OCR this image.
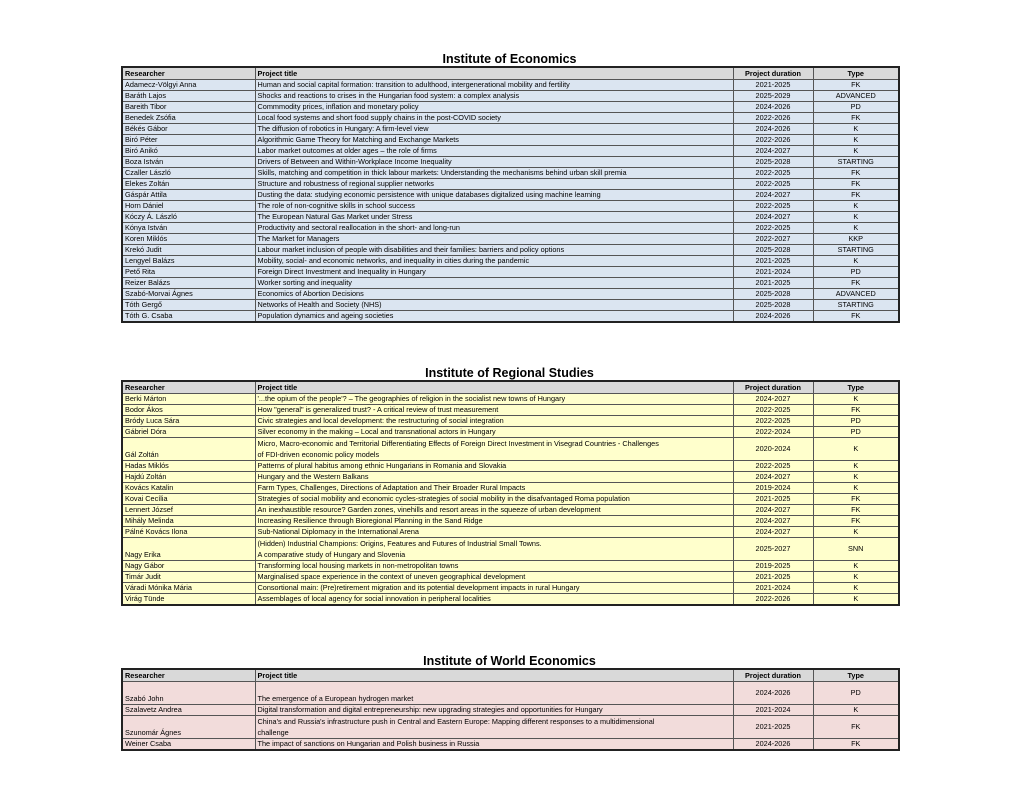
Institute of Economics
Researcher	Project title	Project duration	Type
Adamecz-Völgyi Anna	Human and social capital formation: transition to adulthood, intergenerational mobility and fertility	2021-2025	FK
Baráth Lajos	Shocks and reactions to crises in the Hungarian food system: a complex analysis	2025-2029	ADVANCED
Bareith Tibor	Commmodity prices, inflation and monetary policy	2024-2026	PD
Benedek Zsófia	Local food systems and short food supply chains in the post-COVID society	2022-2026	FK
Békés Gábor	The diffusion of robotics in Hungary: A firm-level view	2024-2026	K
Biró Péter	Algorithmic Game Theory for Matching and Exchange Markets	2022-2026	K
Biró Anikó	Labor market outcomes at older ages – the role of firms	2024-2027	K
Boza István	Drivers of Between and Within-Workplace Income Inequality	2025-2028	STARTING
Czaller László	Skills, matching and competition in thick labour markets: Understanding the mechanisms behind urban skill premia	2022-2025	FK
Elekes Zoltán	Structure and robustness of regional supplier networks	2022-2025	FK
Gáspár Attila	Dusting the data: studying economic persistence with unique databases digitalized using machine learning	2024-2027	FK
Horn Dániel	The role of non-cognitive skills in school success	2022-2025	K
Kóczy Á. László	The European Natural Gas Market under Stress	2024-2027	K
Kónya István	Productivity and sectoral reallocation in the short- and long-run	2022-2025	K
Koren Miklós	The Market for Managers	2022-2027	KKP
Krekó Judit	Labour market inclusion of people with disabilities and their families: barriers and policy options	2025-2028	STARTING
Lengyel Balázs	Mobility, social- and economic networks, and inequality in cities during the pandemic	2021-2025	K
Pető Rita	Foreign Direct Investment and Inequality in Hungary	2021-2024	PD
Reizer Balázs	Worker sorting and inequality	2021-2025	FK
Szabó-Morvai Ágnes	Economics of Abortion Decisions	2025-2028	ADVANCED
Tóth Gergő	Networks of Health and Society (NHS)	2025-2028	STARTING
Tóth G. Csaba	Population dynamics and ageing societies	2024-2026	FK
Institute of Regional Studies
Researcher	Project title	Project duration	Type
Berki Márton	'...the opium of the people'? – The geographies of religion in the socialist new towns of Hungary	2024-2027	K
Bodor Ákos	How "general" is generalized trust? - A critical review of trust measurement	2022-2025	FK
Bródy Luca Sára	Civic strategies and local development: the restructuring of social integration	2022-2025	PD
Gábriel Dóra	Silver economy in the making – Local and transnational actors in Hungary	2022-2024	PD
Gál Zoltán	Micro, Macro-economic and Territorial Differentiating Effects of Foreign Direct Investment in Visegrad Countries - Challenges
of FDI-driven economic policy models	2020-2024	K
Hadas Miklós	Patterns of plural habitus among ethnic Hungarians in Romania and Slovakia	2022-2025	K
Hajdú Zoltán	Hungary and the Western Balkans	2024-2027	K
Kovács Katalin	Farm Types, Challenges, Directions of Adaptation and Their Broader Rural Impacts	2019-2024	K
Kovai Cecília	Strategies of social mobility and economic cycles-strategies of social mobility in the disafvantaged Roma population	2021-2025	FK
Lennert József	An inexhaustible resource? Garden zones, vinehills and resort areas in the squeeze of urban development	2024-2027	FK
Mihály Melinda	Increasing Resilience through Bioregional Planning in the Sand Ridge	2024-2027	FK
Pálné Kovács Ilona	Sub-National Diplomacy in the International Arena	2024-2027	K
Nagy Erika	(Hidden) Industrial Champions: Origins, Features and Futures of Industrial Small Towns.
A comparative study of Hungary and Slovenia	2025-2027	SNN
Nagy Gábor	Transforming local housing markets in non-metropolitan towns	2019-2025	K
Timár Judit	Marginalised space experience in the context of uneven geographical development	2021-2025	K
Váradi Mónika Mária	Consortional main: (Pre)retirement migration and its potential development impacts in rural Hungary	2021-2024	K
Virág Tünde	Assemblages of local agency for social innovation in peripheral localities	2022-2026	K
Institute of World Economics
Researcher	Project title	Project duration	Type
Szabó John	The emergence of a European hydrogen market	2024-2026	PD
Szalavetz Andrea	Digital transformation and digital entrepreneurship: new upgrading strategies and opportunities for Hungary	2021-2024	K
Szunomár Ágnes	China's and Russia's infrastructure push in Central and Eastern Europe: Mapping different responses to a multidimensional
challenge	2021-2025	FK
Weiner Csaba	The impact of sanctions on Hungarian and Polish business in Russia	2024-2026	FK
